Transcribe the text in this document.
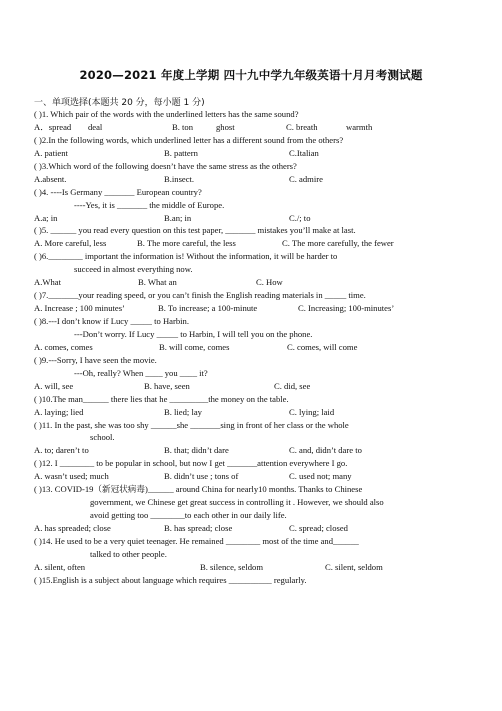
2020—2021 年度上学期 四十九中学九年级英语十月月考测试题
一、单项选择(本题共 20 分，每小题 1 分)
( )1. Which pair of the words with the underlined letters has the same sound?
A．spread deal	B. ton	ghost	C. breath	warmth
( )2.In the following words, which underlined letter has a different sound from the others?
A. patient	B. pattern	C.Italian
( )3.Which word of the following doesn’t have the same stress as the others?
A.absent.	B.insect.	C. admire
( )4. ----Is Germany _______ European country?
----Yes, it is _______ the middle of Europe.
A.a; in	B.an; in	C./; to
( )5. ______ you read every question on this test paper, _______ mistakes you’ll make at last.
A. More careful, less	B. The more careful, the less	C. The more carefully, the fewer
( )6.________ important the information is! Without the information, it will be harder to
succeed in almost everything now.
A.What	B. What an	C. How
( )7._______your reading speed, or you can’t finish the English reading materials in _____ time.
A. Increase ; 100 minutes’	B. To increase; a 100-minute	C. Increasing; 100-minutes’
( )8.---I don’t know if Lucy _____ to Harbin.
---Don’t worry. If Lucy _____ to Harbin, I will tell you on the phone.
A. comes, comes	B. will come, comes	C. comes, will come
( )9.---Sorry, I have seen the movie.
---Oh, really? When ____ you ____ it?
A. will, see	B. have, seen	C. did, see
( )10.The man______ there lies that he _________the money on the table.
A. laying; lied	B. lied; lay	C. lying; laid
( )11. In the past, she was too shy ______she _______sing in front of her class or the whole
school.
A. to; daren’t to	B. that; didn’t dare	C. and, didn’t dare to
( )12. I ________ to be popular in school, but now I get _______attention everywhere I go.
A. wasn’t used; much	B. didn’t use ; tons of	C. used not; many
( )13. COVID-19（新冠状病毒)______ around China for nearly10 months. Thanks to Chinese
government, we Chinese get great success in controlling it . However, we should also
avoid getting too ________to each other in our daily life.
A. has spreaded; close	B. has spread; close	C. spread; closed
( )14. He used to be a very quiet teenager. He remained ________ most of the time and______
talked to other people.
A. silent, often	B. silence, seldom	C. silent, seldom
( )15.English is a subject about language which requires __________ regularly.
